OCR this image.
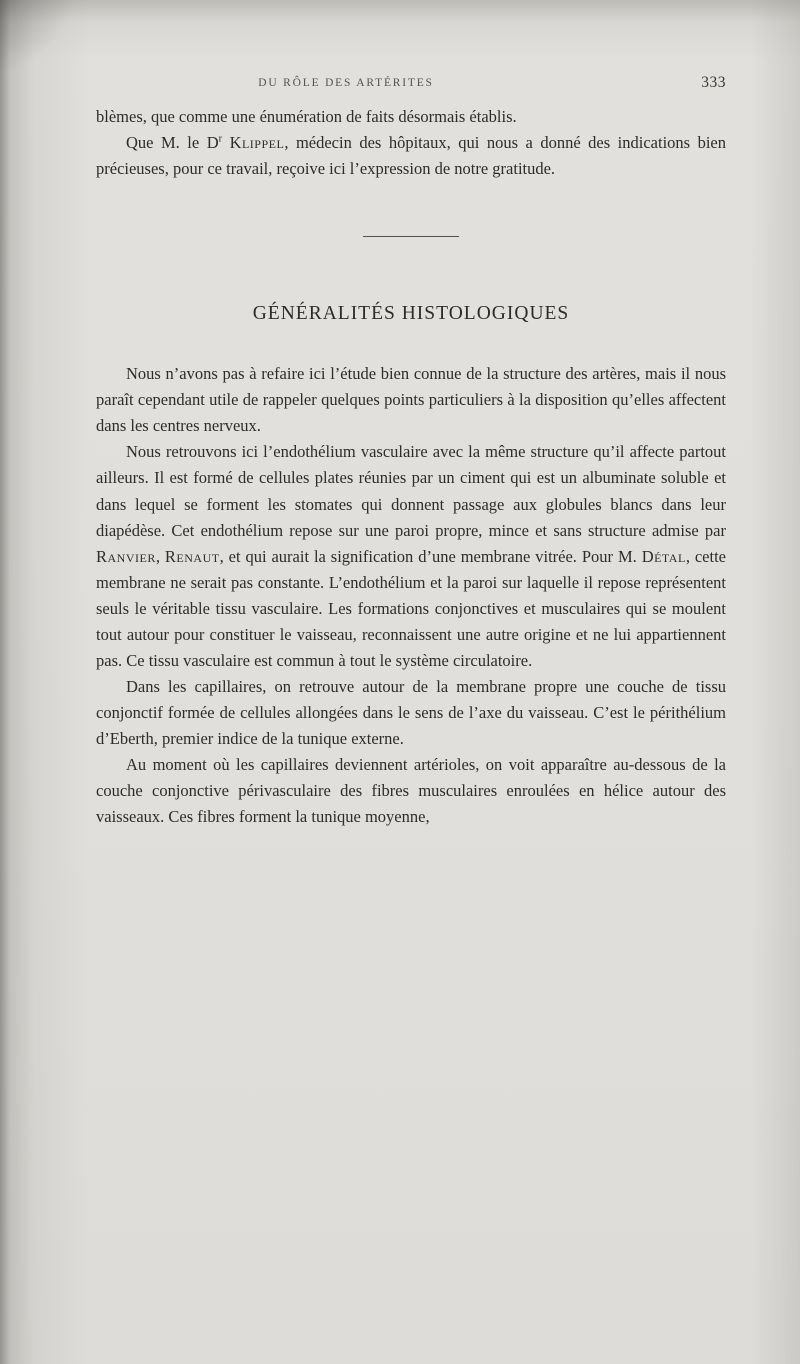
DU RÔLE DES ARTÉRITES	333

blèmes, que comme une énumération de faits désormais établis.

Que M. le $D^r$ Klippel, médecin des hôpitaux, qui nous a donné des indications bien précieuses, pour ce travail, reçoive ici l’expression de notre gratitude.

GÉNÉRALITÉS HISTOLOGIQUES

Nous n’avons pas à refaire ici l’étude bien connue de la structure des artères, mais il nous paraît cependant utile de rappeler quelques points particuliers à la disposition qu’elles affectent dans les centres nerveux.

Nous retrouvons ici l’endothélium vasculaire avec la même structure qu’il affecte partout ailleurs. Il est formé de cellules plates réunies par un ciment qui est un albuminate soluble et dans lequel se forment les stomates qui donnent passage aux globules blancs dans leur diapédèse. Cet endothélium repose sur une paroi propre, mince et sans structure admise par Ranvier, Renaut, et qui aurait la signification d’une membrane vitrée. Pour M. Détal, cette membrane ne serait pas constante. L’endothélium et la paroi sur laquelle il repose représentent seuls le véritable tissu vasculaire. Les formations conjonctives et musculaires qui se moulent tout autour pour constituer le vaisseau, reconnaissent une autre origine et ne lui appartiennent pas. Ce tissu vasculaire est commun à tout le système circulatoire.

Dans les capillaires, on retrouve autour de la membrane propre une couche de tissu conjonctif formée de cellules allongées dans le sens de l’axe du vaisseau. C’est le périthélium d’Eberth, premier indice de la tunique externe.

Au moment où les capillaires deviennent artérioles, on voit apparaître au-dessous de la couche conjonctive périvasculaire des fibres musculaires enroulées en hélice autour des vaisseaux. Ces fibres forment la tunique moyenne,
